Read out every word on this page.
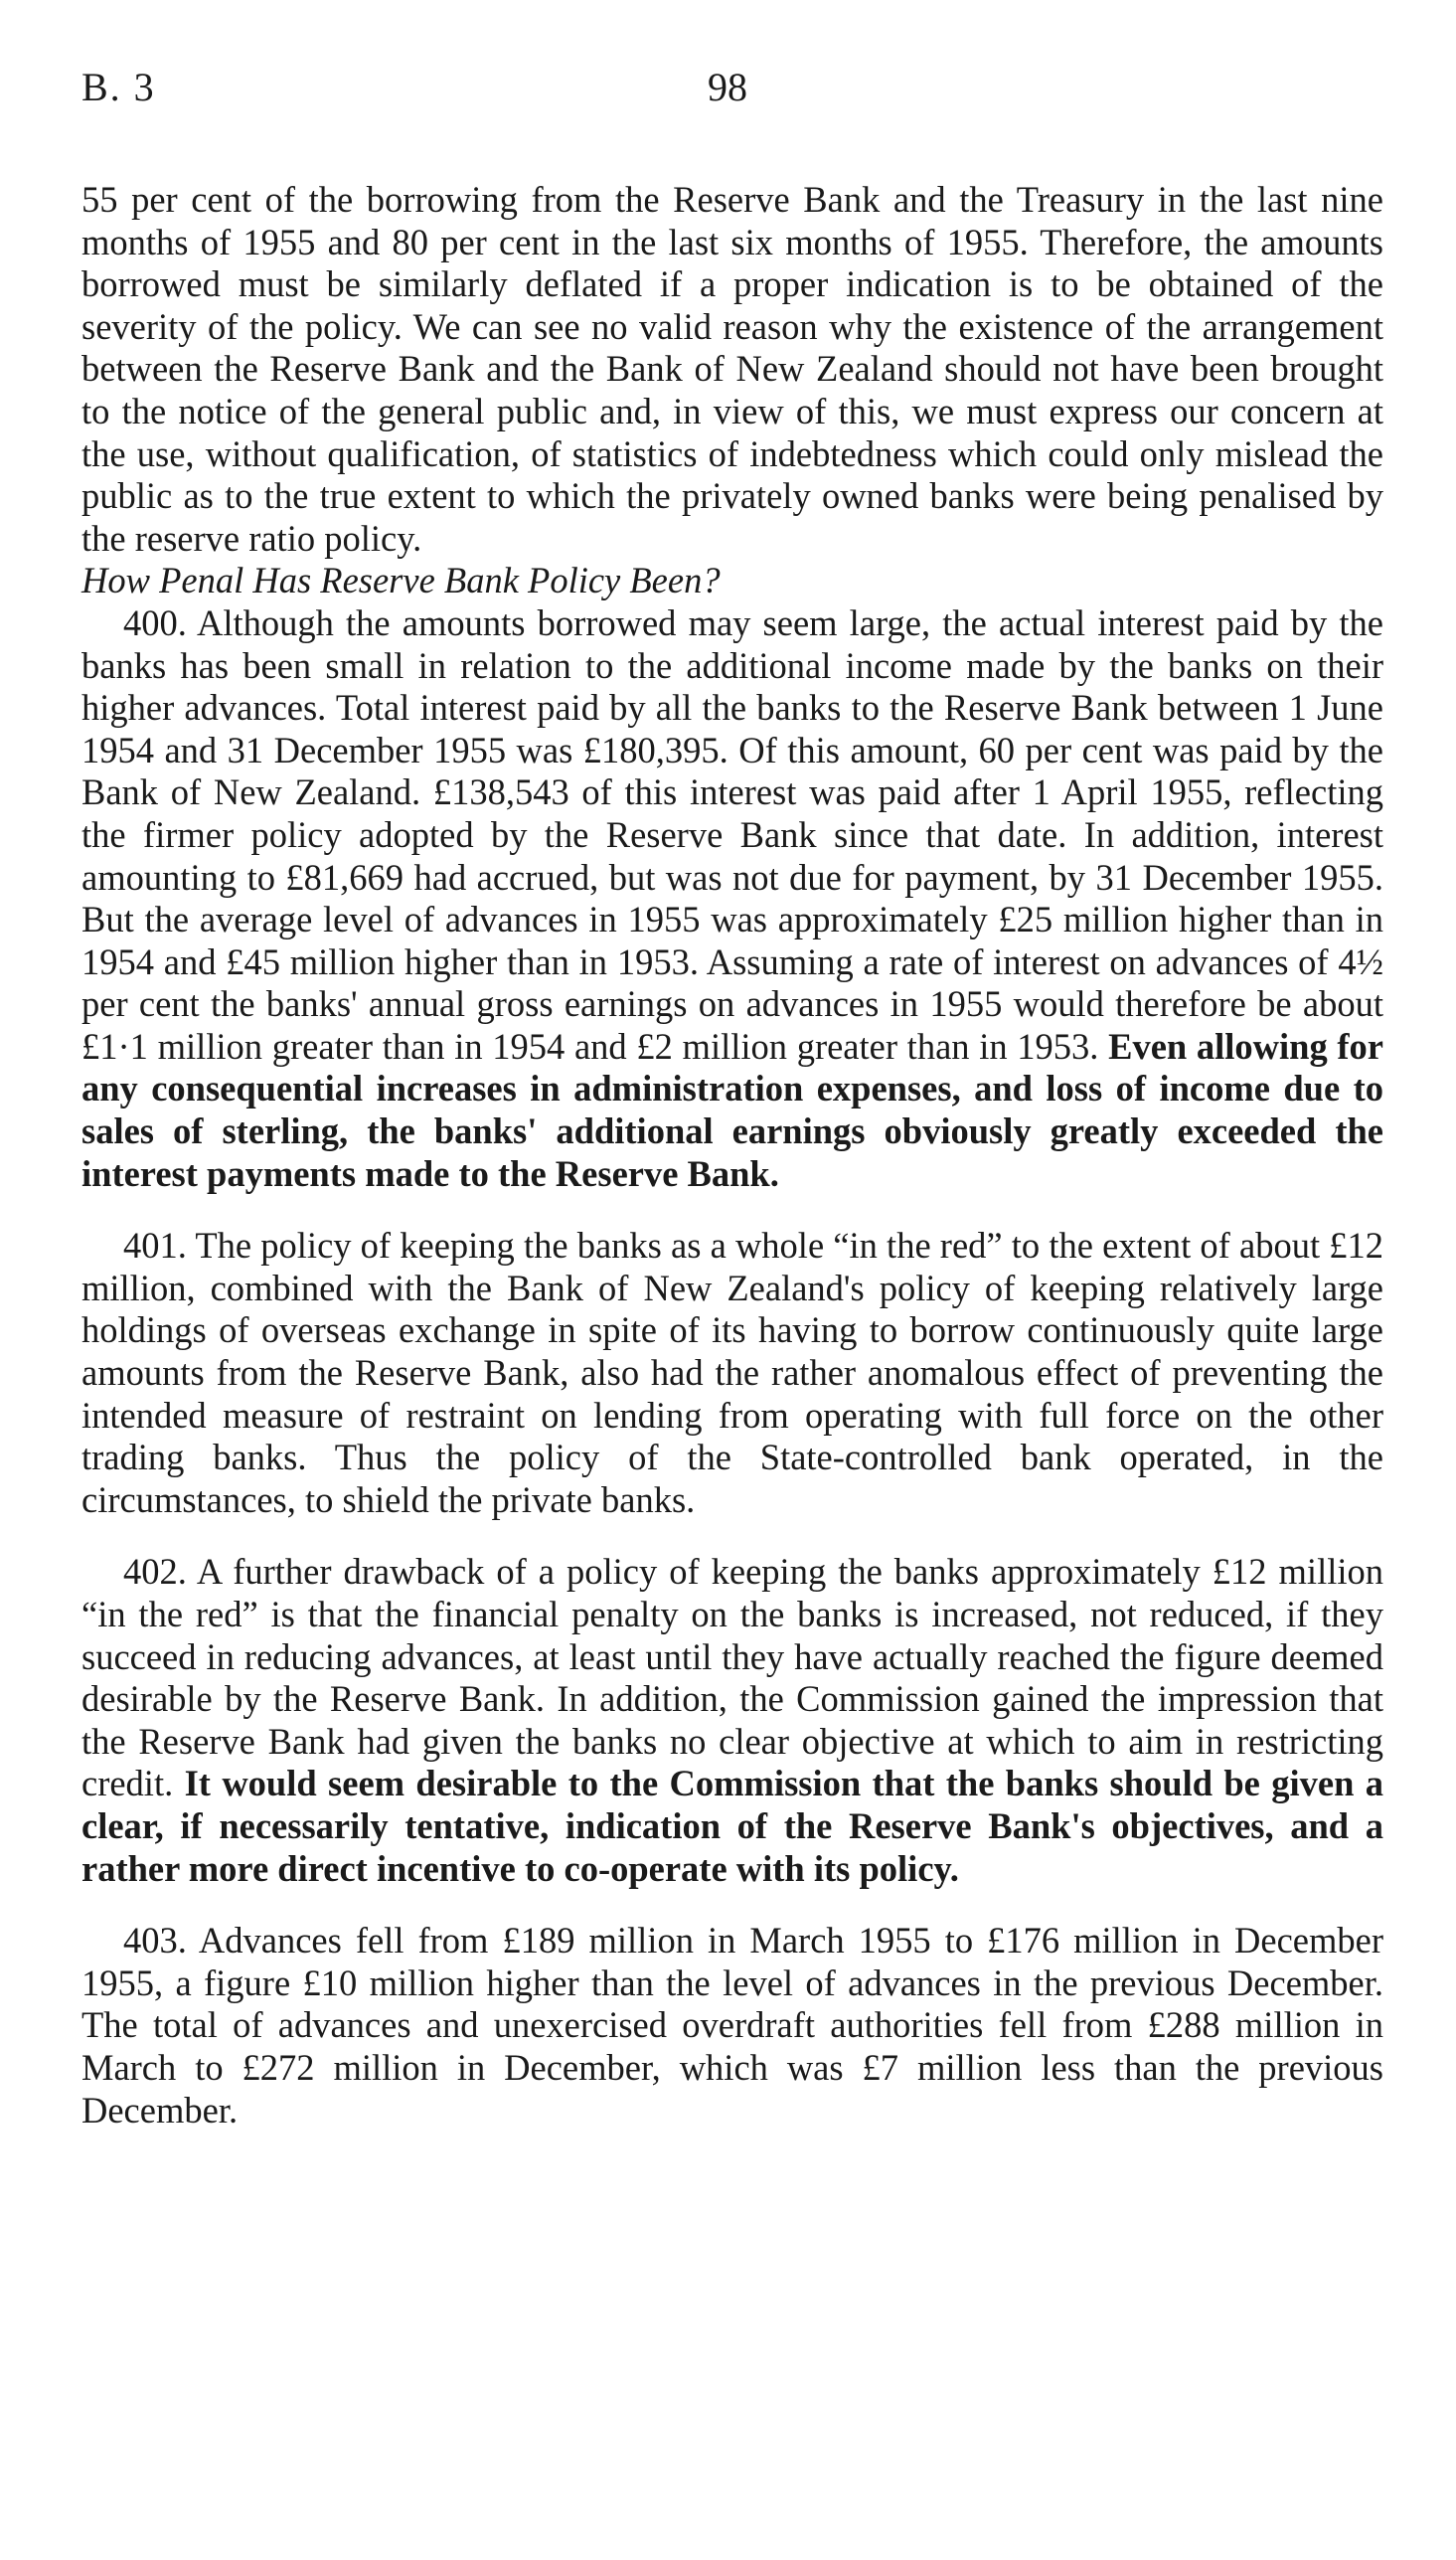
B. 3	98

55 per cent of the borrowing from the Reserve Bank and the Treasury in the last nine months of 1955 and 80 per cent in the last six months of 1955. Therefore, the amounts borrowed must be similarly deflated if a proper indication is to be obtained of the severity of the policy. We can see no valid reason why the existence of the arrangement between the Reserve Bank and the Bank of New Zealand should not have been brought to the notice of the general public and, in view of this, we must express our concern at the use, without qualification, of statistics of indebtedness which could only mislead the public as to the true extent to which the privately owned banks were being penalised by the reserve ratio policy.

How Penal Has Reserve Bank Policy Been?

400. Although the amounts borrowed may seem large, the actual interest paid by the banks has been small in relation to the additional income made by the banks on their higher advances. Total interest paid by all the banks to the Reserve Bank between 1 June 1954 and 31 December 1955 was £180,395. Of this amount, 60 per cent was paid by the Bank of New Zealand. £138,543 of this interest was paid after 1 April 1955, reflecting the firmer policy adopted by the Reserve Bank since that date. In addition, interest amounting to £81,669 had accrued, but was not due for payment, by 31 December 1955. But the average level of advances in 1955 was approximately £25 million higher than in 1954 and £45 million higher than in 1953. Assuming a rate of interest on advances of 4½ per cent the banks' annual gross earnings on advances in 1955 would therefore be about £1·1 million greater than in 1954 and £2 million greater than in 1953. Even allowing for any consequential increases in administration expenses, and loss of income due to sales of sterling, the banks' additional earnings obviously greatly exceeded the interest payments made to the Reserve Bank.

401. The policy of keeping the banks as a whole “in the red” to the extent of about £12 million, combined with the Bank of New Zealand's policy of keeping relatively large holdings of overseas exchange in spite of its having to borrow continuously quite large amounts from the Reserve Bank, also had the rather anomalous effect of preventing the intended measure of restraint on lending from operating with full force on the other trading banks. Thus the policy of the State-controlled bank operated, in the circumstances, to shield the private banks.

402. A further drawback of a policy of keeping the banks approximately £12 million “in the red” is that the financial penalty on the banks is increased, not reduced, if they succeed in reducing advances, at least until they have actually reached the figure deemed desirable by the Reserve Bank. In addition, the Commission gained the impression that the Reserve Bank had given the banks no clear objective at which to aim in restricting credit. It would seem desirable to the Commission that the banks should be given a clear, if necessarily tentative, indication of the Reserve Bank's objectives, and a rather more direct incentive to co-operate with its policy.

403. Advances fell from £189 million in March 1955 to £176 million in December 1955, a figure £10 million higher than the level of advances in the previous December. The total of advances and unexercised overdraft authorities fell from £288 million in March to £272 million in December, which was £7 million less than the previous December.
